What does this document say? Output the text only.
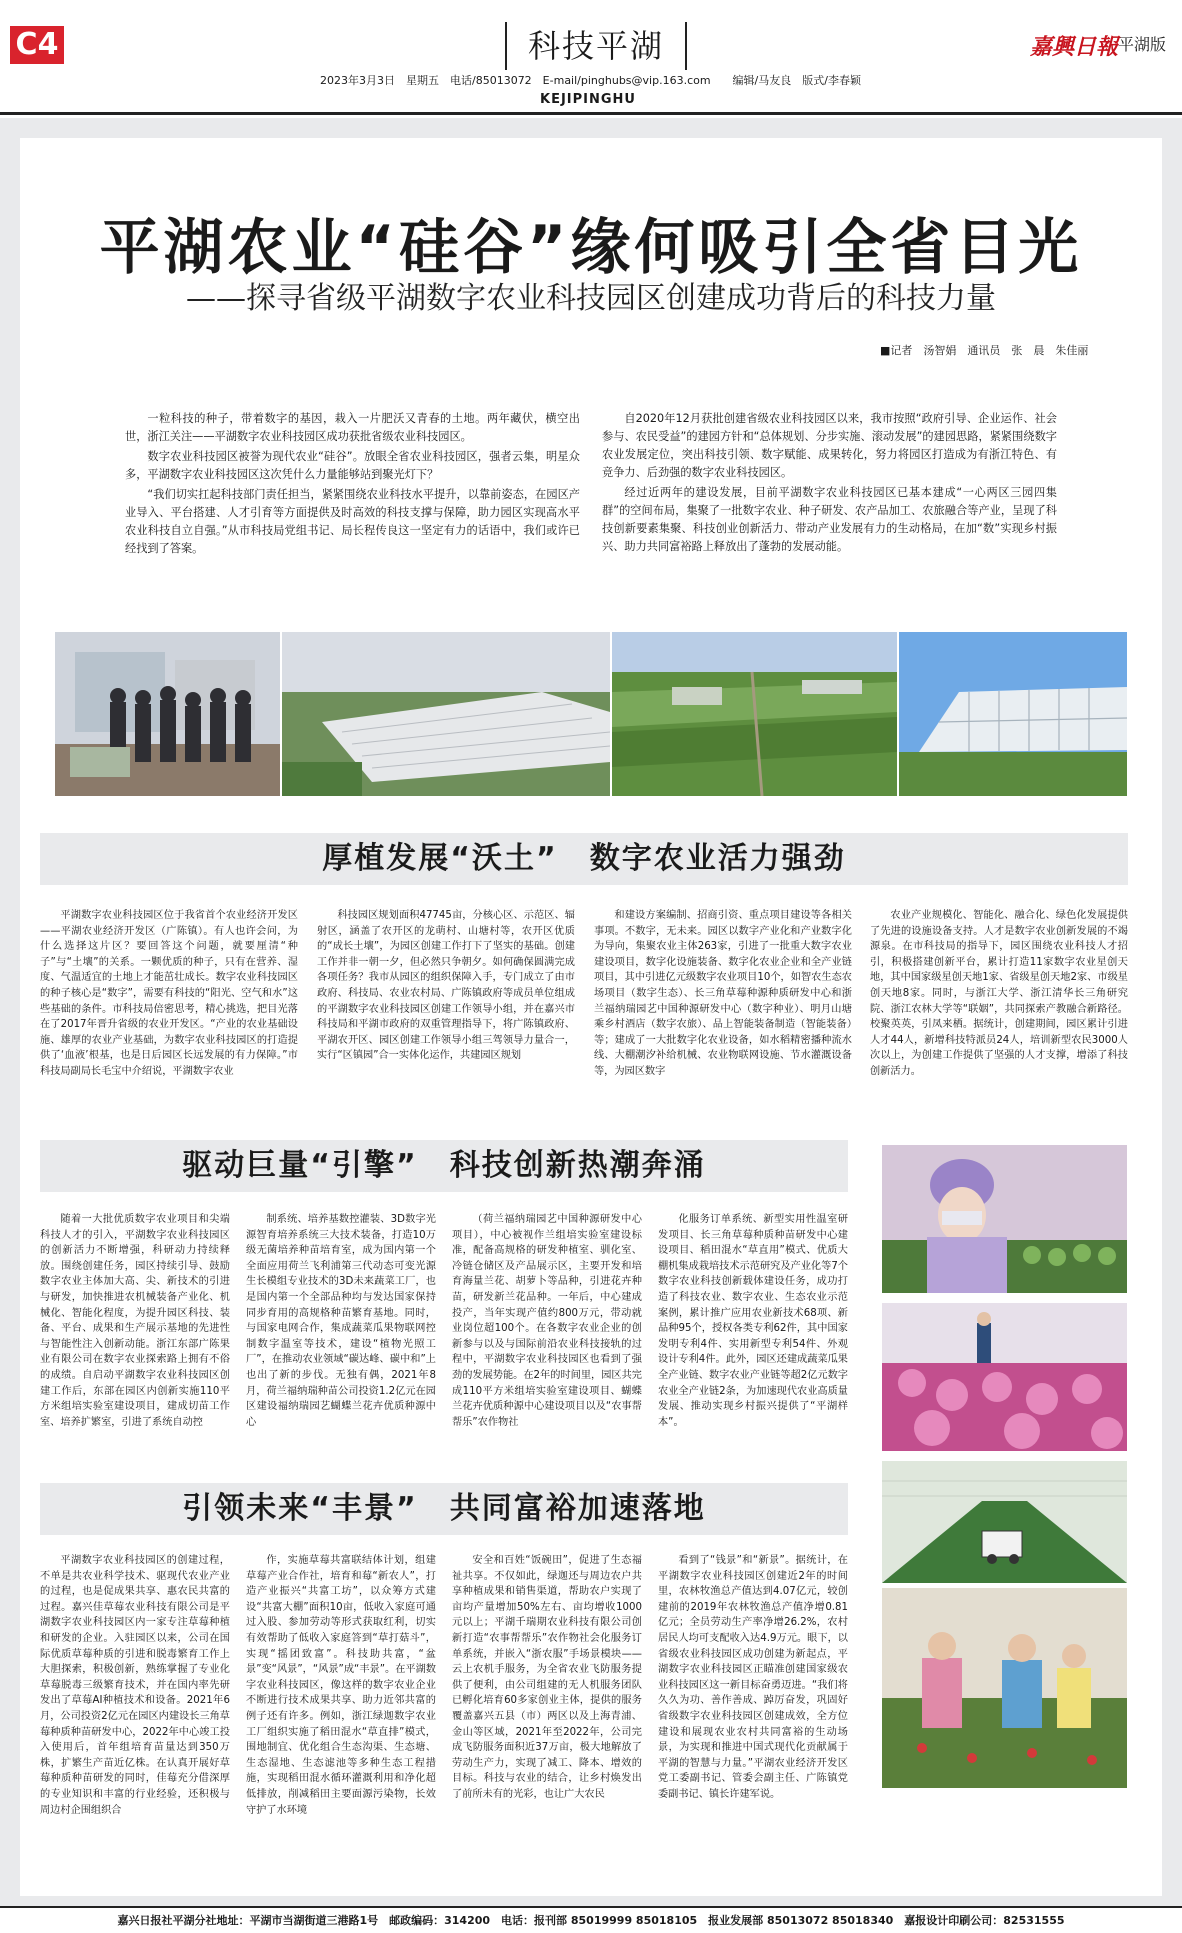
C4	科技平湖	嘉興日報 平湖版
2023年3月3日　星期五　电话/85013072　E-mail/pinghubs@vip.163.com　　编辑/马友良　版式/李春颖
KEJIPINGHU
平湖农业“硅谷”缘何吸引全省目光
——探寻省级平湖数字农业科技园区创建成功背后的科技力量
■记者　汤智娟　通讯员　张　晨　朱佳丽

一粒科技的种子，带着数字的基因，栽入一片肥沃又青春的土地。两年藏伏，横空出世，浙江关注——平湖数字农业科技园区成功获批省级农业科技园区。

数字农业科技园区被誉为现代农业“硅谷”。放眼全省农业科技园区，强者云集，明星众多，平湖数字农业科技园区这次凭什么力量能够站到聚光灯下？

“我们切实扛起科技部门责任担当，紧紧围绕农业科技水平提升，以靠前姿态，在园区产业导入、平台搭建、人才引育等方面提供及时高效的科技支撑与保障，助力园区实现高水平农业科技自立自强。”从市科技局党组书记、局长程传良这一坚定有力的话语中，我们或许已经找到了答案。

自2020年12月获批创建省级农业科技园区以来，我市按照“政府引导、企业运作、社会参与、农民受益”的建园方针和“总体规划、分步实施、滚动发展”的建园思路，紧紧围绕数字农业发展定位，突出科技引领、数字赋能、成果转化，努力将园区打造成为有浙江特色、有竞争力、后劲强的数字农业科技园区。

经过近两年的建设发展，目前平湖数字农业科技园区已基本建成“一心两区三园四集群”的空间布局，集聚了一批数字农业、种子研发、农产品加工、农旅融合等产业，呈现了科技创新要素集聚、科技创业创新活力、带动产业发展有力的生动格局，在加“数”实现乡村振兴、助力共同富裕路上释放出了蓬勃的发展动能。

厚植发展“沃土”　数字农业活力强劲

平湖数字农业科技园区位于我省首个农业经济开发区——平湖农业经济开发区（广陈镇）。有人也许会问，为什么选择这片区？要回答这个问题，就要厘清“种子”与“土壤”的关系。一颗优质的种子，只有在营养、湿度、气温适宜的土地上才能茁壮成长。数字农业科技园区的种子核心是“数字”，需要有科技的“阳光、空气和水”这些基础的条件。市科技局倍密思考，精心挑选，把目光落在了2017年晋升省级的农业开发区。“产业的农业基础设施、雄厚的农业产业基础，为数字农业科技园区的打造提供了‘血液’根基，也是日后园区长远发展的有力保障。”市科技局副局长毛宝中介绍说，平湖数字农业

科技园区规划面积47745亩，分核心区、示范区、辐射区，涵盖了农开区的龙萌村、山塘村等，农开区优质的“成长土壤”，为园区创建工作打下了坚实的基础。创建工作并非一朝一夕，但必然只争朝夕。如何确保圆满完成各项任务？我市从园区的组织保障入手，专门成立了由市政府、科技局、农业农村局、广陈镇政府等成员单位组成的平湖数字农业科技园区创建工作领导小组，并在嘉兴市科技局和平湖市政府的双重管理指导下，将广陈镇政府、平湖农开区、园区创建工作领导小组三驾领导力量合一，实行“区镇园”合一实体化运作，共建园区规划

和建设方案编制、招商引资、重点项目建设等各相关事项。不数字，无未来。园区以数字产业化和产业数字化为导向，集聚农业主体263家，引进了一批重大数字农业建设项目，数字化设施装备、数字化农业企业和全产业链项目，其中引进亿元级数字农业项目10个，如智农生态农场项目（数字生态）、长三角草莓种源种质研发中心和浙兰福纳瑞园艺中国种源研发中心（数字种业）、明月山塘乘乡村酒店（数字农旅）、品上智能装备制造（智能装备）等；建成了一大批数字化农业设备，如水稻精密播种流水线、大棚潮汐补给机械、农业物联网设施、节水灌溉设备等，为园区数字

农业产业规模化、智能化、融合化、绿色化发展提供了先进的设施设备支持。人才是数字农业创新发展的不竭源泉。在市科技局的指导下，园区围绕农业科技人才招引，积极搭建创新平台，累计打造11家数字农业星创天地，其中国家级星创天地1家、省级星创天地2家、市级星创天地8家。同时，与浙江大学、浙江清华长三角研究院、浙江农林大学等“联姻”，共同探索产教融合新路径。校聚英英，引凤来栖。据统计，创建期间，园区累计引进人才44人，新增科技特派员24人，培训新型农民3000人次以上，为创建工作提供了坚强的人才支撑，增添了科技创新活力。

驱动巨量“引擎”　科技创新热潮奔涌

随着一大批优质数字农业项目和尖端科技人才的引入，平湖数字农业科技园区的创新活力不断增强，科研动力持续释放。围绕创建任务，园区持续引导、鼓励数字农业主体加大高、尖、新技术的引进与研发，加快推进农机械装备产业化、机械化、智能化程度，为提升园区科技、装备、平台、成果和生产展示基地的先进性与智能性注入创新动能。浙江东部广陈果业有限公司在数字农业探索路上拥有不俗的成绩。自启动平湖数字农业科技园区创建工作后，东部在园区内创新实施110平方米组培实验室建设项目，建成切苗工作室、培养扩繁室，引进了系统自动控

制系统、培养基数控灌装、3D数字光源智育培养系统三大技术装备，打造10万级无菌培养种苗培育室，成为国内第一个全面应用荷兰飞利浦第三代动态可变光源生长模组专业技术的3D未来蔬菜工厂，也是国内第一个全部品种均与发达国家保持同步育用的高规格种苗繁育基地。同时，与国家电网合作，集成蔬菜瓜果物联网控制数字温室等技术，建设“植物光照工厂”，在推动农业领域“碳达峰、碳中和”上也出了新的步伐。无独有偶，2021年8月，荷兰福纳瑞种苗公司投资1.2亿元在园区建设福纳瑞园艺蝴蝶兰花卉优质种源中心

（荷兰福纳瑞园艺中国种源研发中心项目），中心被视作兰组培实验室建设标准，配备高规格的研发种植室、驯化室、冷链仓储区及产品展示区，主要开发和培育海量兰花、胡萝卜等品种，引进花卉种苗，研发新兰花品种。一年后，中心建成投产，当年实现产值约800万元，带动就业岗位超100个。在各数字农业企业的创新参与以及与国际前沿农业科技接轨的过程中，平湖数字农业科技园区也看到了强劲的发展势能。在2年的时间里，园区共完成110平方米组培实验室建设项目、蝴蝶兰花卉优质种源中心建设项目以及“农事帮帮乐”农作物社

化服务订单系统、新型实用性温室研发项目、长三角草莓种质种苗研发中心建设项目、稻田混水“草直用”模式、优质大棚机集成栽培技术示范研究及产业化等7个数字农业科技创新载体建设任务，成功打造了科技农业、数字农业、生态农业示范案例，累计推广应用农业新技术68项、新品种95个，授权各类专利62件，其中国家发明专利4件、实用新型专利54件、外观设计专利4件。此外，园区还建成蔬菜瓜果全产业链、数字农业产业链等超2亿元数字农业全产业链2条，为加速现代农业高质量发展、推动实现乡村振兴提供了“平湖样本”。

引领未来“丰景”　共同富裕加速落地

平湖数字农业科技园区的创建过程，不单是共农业科学技术、驱现代农业产业的过程，也是促成果共享、惠农民共富的过程。嘉兴佳草莓农业科技有限公司是平湖数字农业科技园区内一家专注草莓种植和研发的企业。入驻园区以来，公司在国际优质草莓种质的引进和脱毒繁育工作上大胆探索，积极创新，熟练掌握了专业化草莓脱毒三级繁育技术，并在国内率先研发出了草莓AI种植技术和设备。2021年6月，公司投资2亿元在园区内建设长三角草莓种质种苗研发中心，2022年中心竣工投入使用后，首年组培育苗量达到350万株，扩繁生产苗近亿株。在认真开展好草莓种质种苗研发的同时，佳莓充分借深厚的专业知识和丰富的行业经验，还积极与周边村企围组织合

作，实施草莓共富联结体计划，组建草莓产业合作社，培育和莓“新农人”，打造产业振兴“共富工坊”，以众筹方式建设“共富大棚”面积10亩，低收入家庭可通过入股、参加劳动等形式获取红利，切实有效帮助了低收入家庭答到“草打菇斗”，实现“摇团致富”。科技助共富，“盆景”变“风景”，“风景”成“丰景”。在平湖数字农业科技园区，像这样的数字农业企业不断进行技术成果共享、助力近邻共富的例子还有许多。例如，浙江绿迦数字农业工厂组织实施了稻田混水“草直排”模式，围地制宜、优化组合生态沟渠、生态塘、生态湿地、生态滤池等多种生态工程措施，实现稻田混水循环灌溉利用和净化超低排放，削减稻田主要面源污染物，长效守护了水环境

安全和百姓“饭碗田”，促进了生态福祉共享。不仅如此，绿迦还与周边农户共享种植成果和销售渠道，帮助农户实现了亩均产量增加50%左右、亩均增收1000元以上；平湖千瑞期农业科技有限公司创新打造“农事帮帮乐”农作物社会化服务订单系统，并嵌入“浙农服”手场景模块——云上农机手服务，为全省农业飞防服务提供了便利，由公司组建的无人机服务团队已孵化培育60多家创业主体，提供的服务覆盖嘉兴五县（市）两区以及上海青浦、金山等区域，2021年至2022年，公司完成飞防服务面积近37万亩，极大地解放了劳动生产力，实现了减工、降本、增效的目标。科技与农业的结合，让乡村焕发出了前所未有的光彩，也让广大农民

看到了“钱景”和“新景”。据统计，在平湖数字农业科技园区创建近2年的时间里，农林牧渔总产值达到4.07亿元，较创建前的2019年农林牧渔总产值净增0.81亿元；全员劳动生产率净增26.2%，农村居民人均可支配收入达4.9万元。眼下，以省级农业科技园区成功创建为新起点，平湖数字农业科技园区正瞄准创建国家级农业科技园区这一新目标奋勇迈进。“我们将久久为功、善作善成、踔厉奋发，巩固好省级数字农业科技园区创建成效，全方位建设和展现农业农村共同富裕的生动场景，为实现和推进中国式现代化贡献属于平湖的智慧与力量。”平湖农业经济开发区党工委副书记、管委会副主任、广陈镇党委副书记、镇长许建军说。

嘉兴日报社平湖分社地址：平湖市当湖街道三港路1号　邮政编码：314200　电话：报刊部 85019999 85018105　报业发展部 85013072 85018340　嘉报设计印刷公司：82531555
